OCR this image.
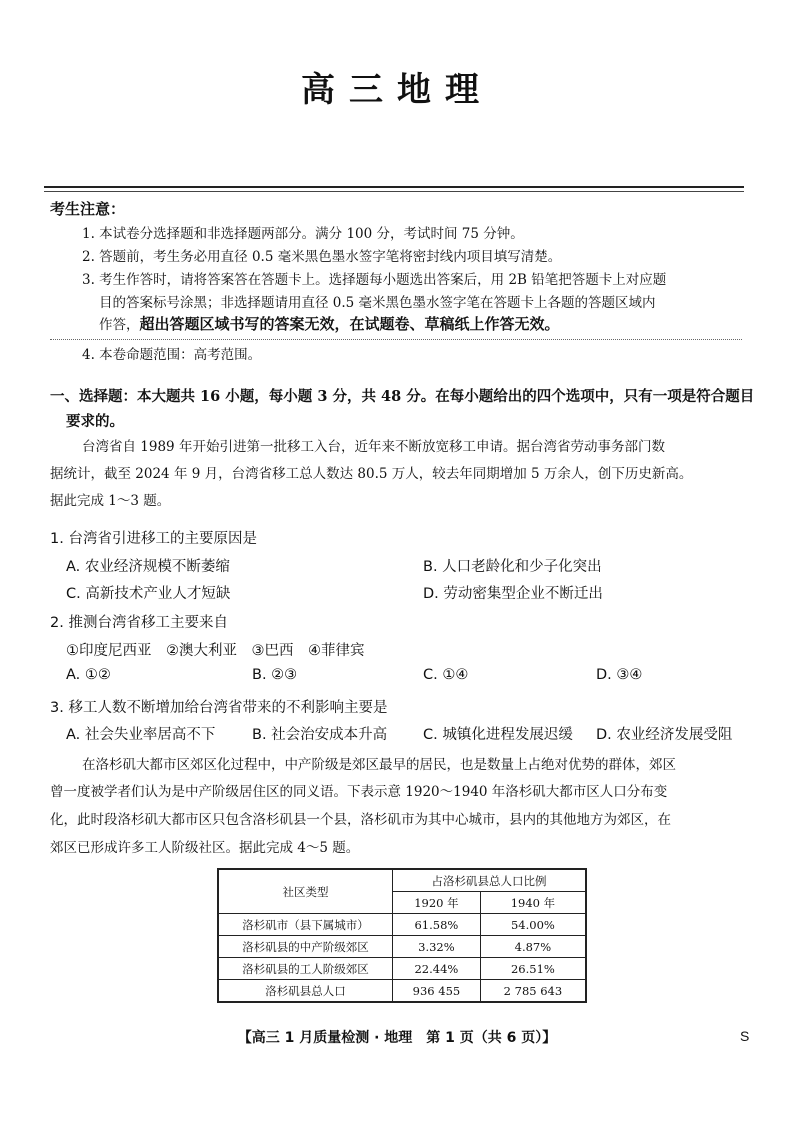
高三地理
考生注意：
1. 本试卷分选择题和非选择题两部分。满分 100 分，考试时间 75 分钟。
2. 答题前，考生务必用直径 0.5 毫米黑色墨水签字笔将密封线内项目填写清楚。
3. 考生作答时，请将答案答在答题卡上。选择题每小题选出答案后，用 2B 铅笔把答题卡上对应题
目的答案标号涂黑；非选择题请用直径 0.5 毫米黑色墨水签字笔在答题卡上各题的答题区域内
作答，超出答题区域书写的答案无效，在试题卷、草稿纸上作答无效。
4. 本卷命题范围：高考范围。
一、选择题：本大题共 16 小题，每小题 3 分，共 48 分。在每小题给出的四个选项中，只有一项是符合题目
要求的。
台湾省自 1989 年开始引进第一批移工入台，近年来不断放宽移工申请。据台湾省劳动事务部门数
据统计，截至 2024 年 9 月，台湾省移工总人数达 80.5 万人，较去年同期增加 5 万余人，创下历史新高。
据此完成 1～3 题。
1. 台湾省引进移工的主要原因是
A. 农业经济规模不断萎缩	B. 人口老龄化和少子化突出
C. 高新技术产业人才短缺	D. 劳动密集型企业不断迁出
2. 推测台湾省移工主要来自
①印度尼西亚　②澳大利亚　③巴西　④菲律宾
A. ①②	B. ②③	C. ①④	D. ③④
3. 移工人数不断增加给台湾省带来的不利影响主要是
A. 社会失业率居高不下	B. 社会治安成本升高 C. 城镇化进程发展迟缓 D. 农业经济发展受阻
在洛杉矶大都市区郊区化过程中，中产阶级是郊区最早的居民，也是数量上占绝对优势的群体，郊区
曾一度被学者们认为是中产阶级居住区的同义语。下表示意 1920～1940 年洛杉矶大都市区人口分布变
化，此时段洛杉矶大都市区只包含洛杉矶县一个县，洛杉矶市为其中心城市，县内的其他地方为郊区，在
郊区已形成许多工人阶级社区。据此完成 4～5 题。
社区类型	占洛杉矶县总人口比例	
	1920 年	1940 年
洛杉矶市（县下属城市）	61.58%	54.00%
洛杉矶县的中产阶级郊区	3.32%	4.87%
洛杉矶县的工人阶级郊区	22.44%	26.51%
洛杉矶县总人口	936 455	2 785 643
【高三 1 月质量检测 · 地理　第 1 页（共 6 页）】	S
